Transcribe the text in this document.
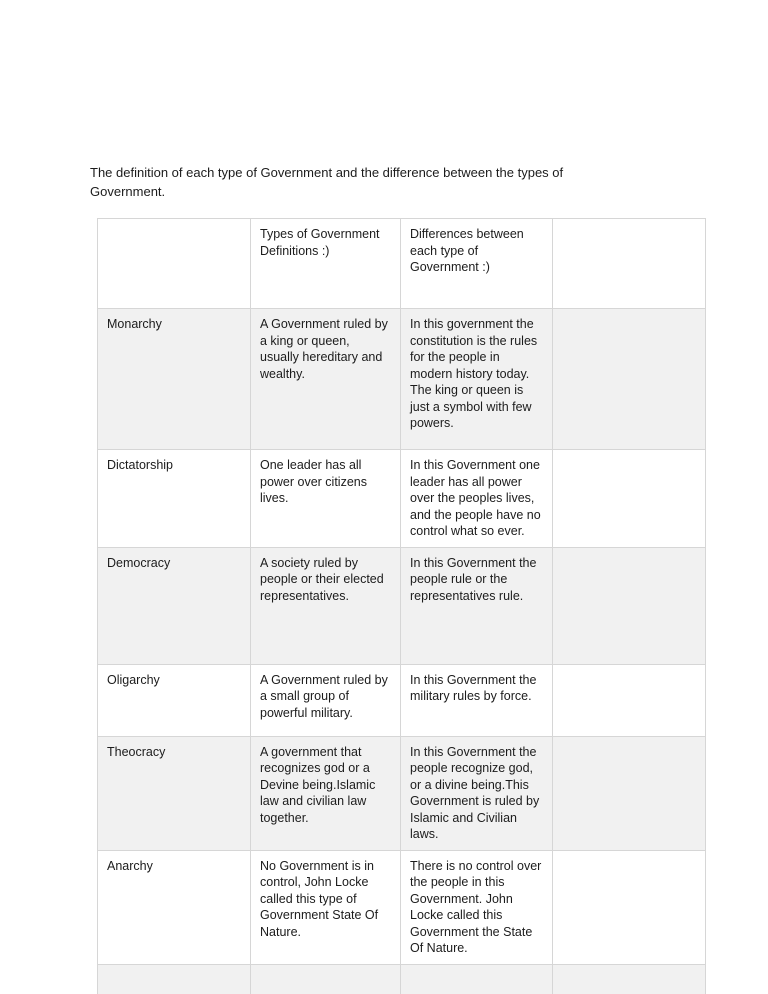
The definition of each type of Government and the difference between the types of Government.

	Types of Government Definitions :)	Differences between each type of Government :)	
Monarchy	A Government ruled by a king or queen, usually hereditary and wealthy.	In this government the constitution is the rules for the people in modern history today. The king or queen is just a symbol with few powers.	
Dictatorship	One leader has all power over citizens lives.	In this Government one leader has all power over the peoples lives, and the people have no control what so ever.	
Democracy	A society ruled by people or their elected representatives.	In this Government the people rule or the representatives rule.	
Oligarchy	A Government ruled by a small group of powerful military.	In this Government the military rules by force.	
Theocracy	A government that recognizes god or a Devine being.Islamic law and civilian law together.	In this Government the people recognize god, or a divine being.This Government is ruled by Islamic and Civilian laws.	
Anarchy	No Government is in control, John Locke called this type of Government State Of Nature.	There is no control over the people in this Government. John Locke called this Government the State Of Nature.	
